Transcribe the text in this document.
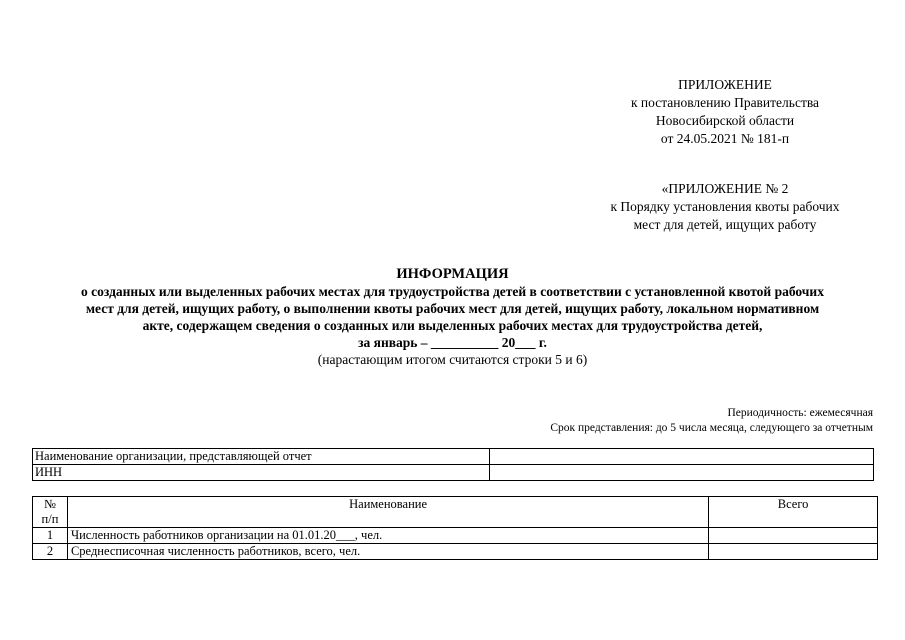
ПРИЛОЖЕНИЕ
к постановлению Правительства
Новосибирской области
от 24.05.2021 № 181-п
«ПРИЛОЖЕНИЕ № 2
к Порядку установления квоты рабочих
мест для детей, ищущих работу
ИНФОРМАЦИЯ
о созданных или выделенных рабочих местах для трудоустройства детей в соответствии с установленной квотой рабочих
мест для детей, ищущих работу, о выполнении квоты рабочих мест для детей, ищущих работу, локальном нормативном
акте, содержащем сведения о созданных или выделенных рабочих местах для трудоустройства детей,
за январь – __________ 20___ г.
(нарастающим итогом считаются строки 5 и 6)
Периодичность: ежемесячная
Срок представления: до 5 числа месяца, следующего за отчетным
Наименование организации, представляющей отчет	
ИНН	
№
п/п	Наименование	Всего
1	Численность работников организации на 01.01.20___, чел.	
2	Среднесписочная численность работников, всего, чел.	
